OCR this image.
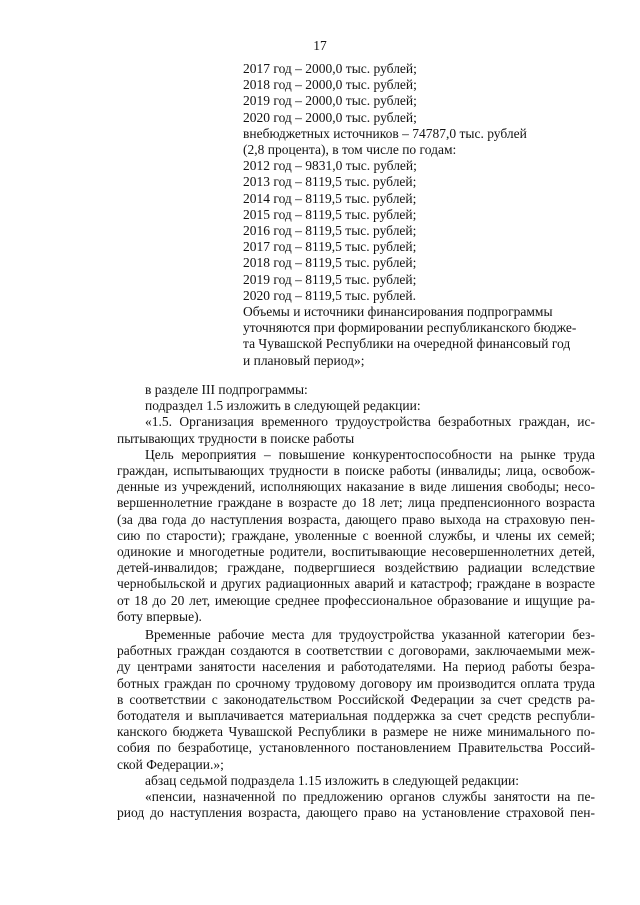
17
2017 год – 2000,0 тыс. рублей;
2018 год – 2000,0 тыс. рублей;
2019 год – 2000,0 тыс. рублей;
2020 год – 2000,0 тыс. рублей;
внебюджетных источников – 74787,0 тыс. рублей
(2,8 процента), в том числе по годам:
2012 год – 9831,0 тыс. рублей;
2013 год – 8119,5 тыс. рублей;
2014 год – 8119,5 тыс. рублей;
2015 год – 8119,5 тыс. рублей;
2016 год – 8119,5 тыс. рублей;
2017 год – 8119,5 тыс. рублей;
2018 год – 8119,5 тыс. рублей;
2019 год – 8119,5 тыс. рублей;
2020 год – 8119,5 тыс. рублей.
Объемы и источники финансирования подпрограммы
уточняются при формировании республиканского бюдже-
та Чувашской Республики на очередной финансовый год
и плановый период»;
в разделе III подпрограммы:
подраздел 1.5 изложить в следующей редакции:
«1.5. Организация временного трудоустройства безработных граждан, ис-
пытывающих трудности в поиске работы
Цель мероприятия – повышение конкурентоспособности на рынке труда
граждан, испытывающих трудности в поиске работы (инвалиды; лица, освобож-
денные из учреждений, исполняющих наказание в виде лишения свободы; несо-
вершеннолетние граждане в возрасте до 18 лет; лица предпенсионного возраста
(за два года до наступления возраста, дающего право выхода на страховую пен-
сию по старости); граждане, уволенные с военной службы, и члены их семей;
одинокие и многодетные родители, воспитывающие несовершеннолетних детей,
детей-инвалидов; граждане, подвергшиеся воздействию радиации вследствие
чернобыльской и других радиационных аварий и катастроф; граждане в возрасте
от 18 до 20 лет, имеющие среднее профессиональное образование и ищущие ра-
боту впервые).
Временные рабочие места для трудоустройства указанной категории без-
работных граждан создаются в соответствии с договорами, заключаемыми меж-
ду центрами занятости населения и работодателями. На период работы безра-
ботных граждан по срочному трудовому договору им производится оплата труда
в соответствии с законодательством Российской Федерации за счет средств ра-
ботодателя и выплачивается материальная поддержка за счет средств республи-
канского бюджета Чувашской Республики в размере не ниже минимального по-
собия по безработице, установленного постановлением Правительства Россий-
ской Федерации.»;
абзац седьмой подраздела 1.15 изложить в следующей редакции:
«пенсии, назначенной по предложению органов службы занятости на пе-
риод до наступления возраста, дающего право на установление страховой пен-
